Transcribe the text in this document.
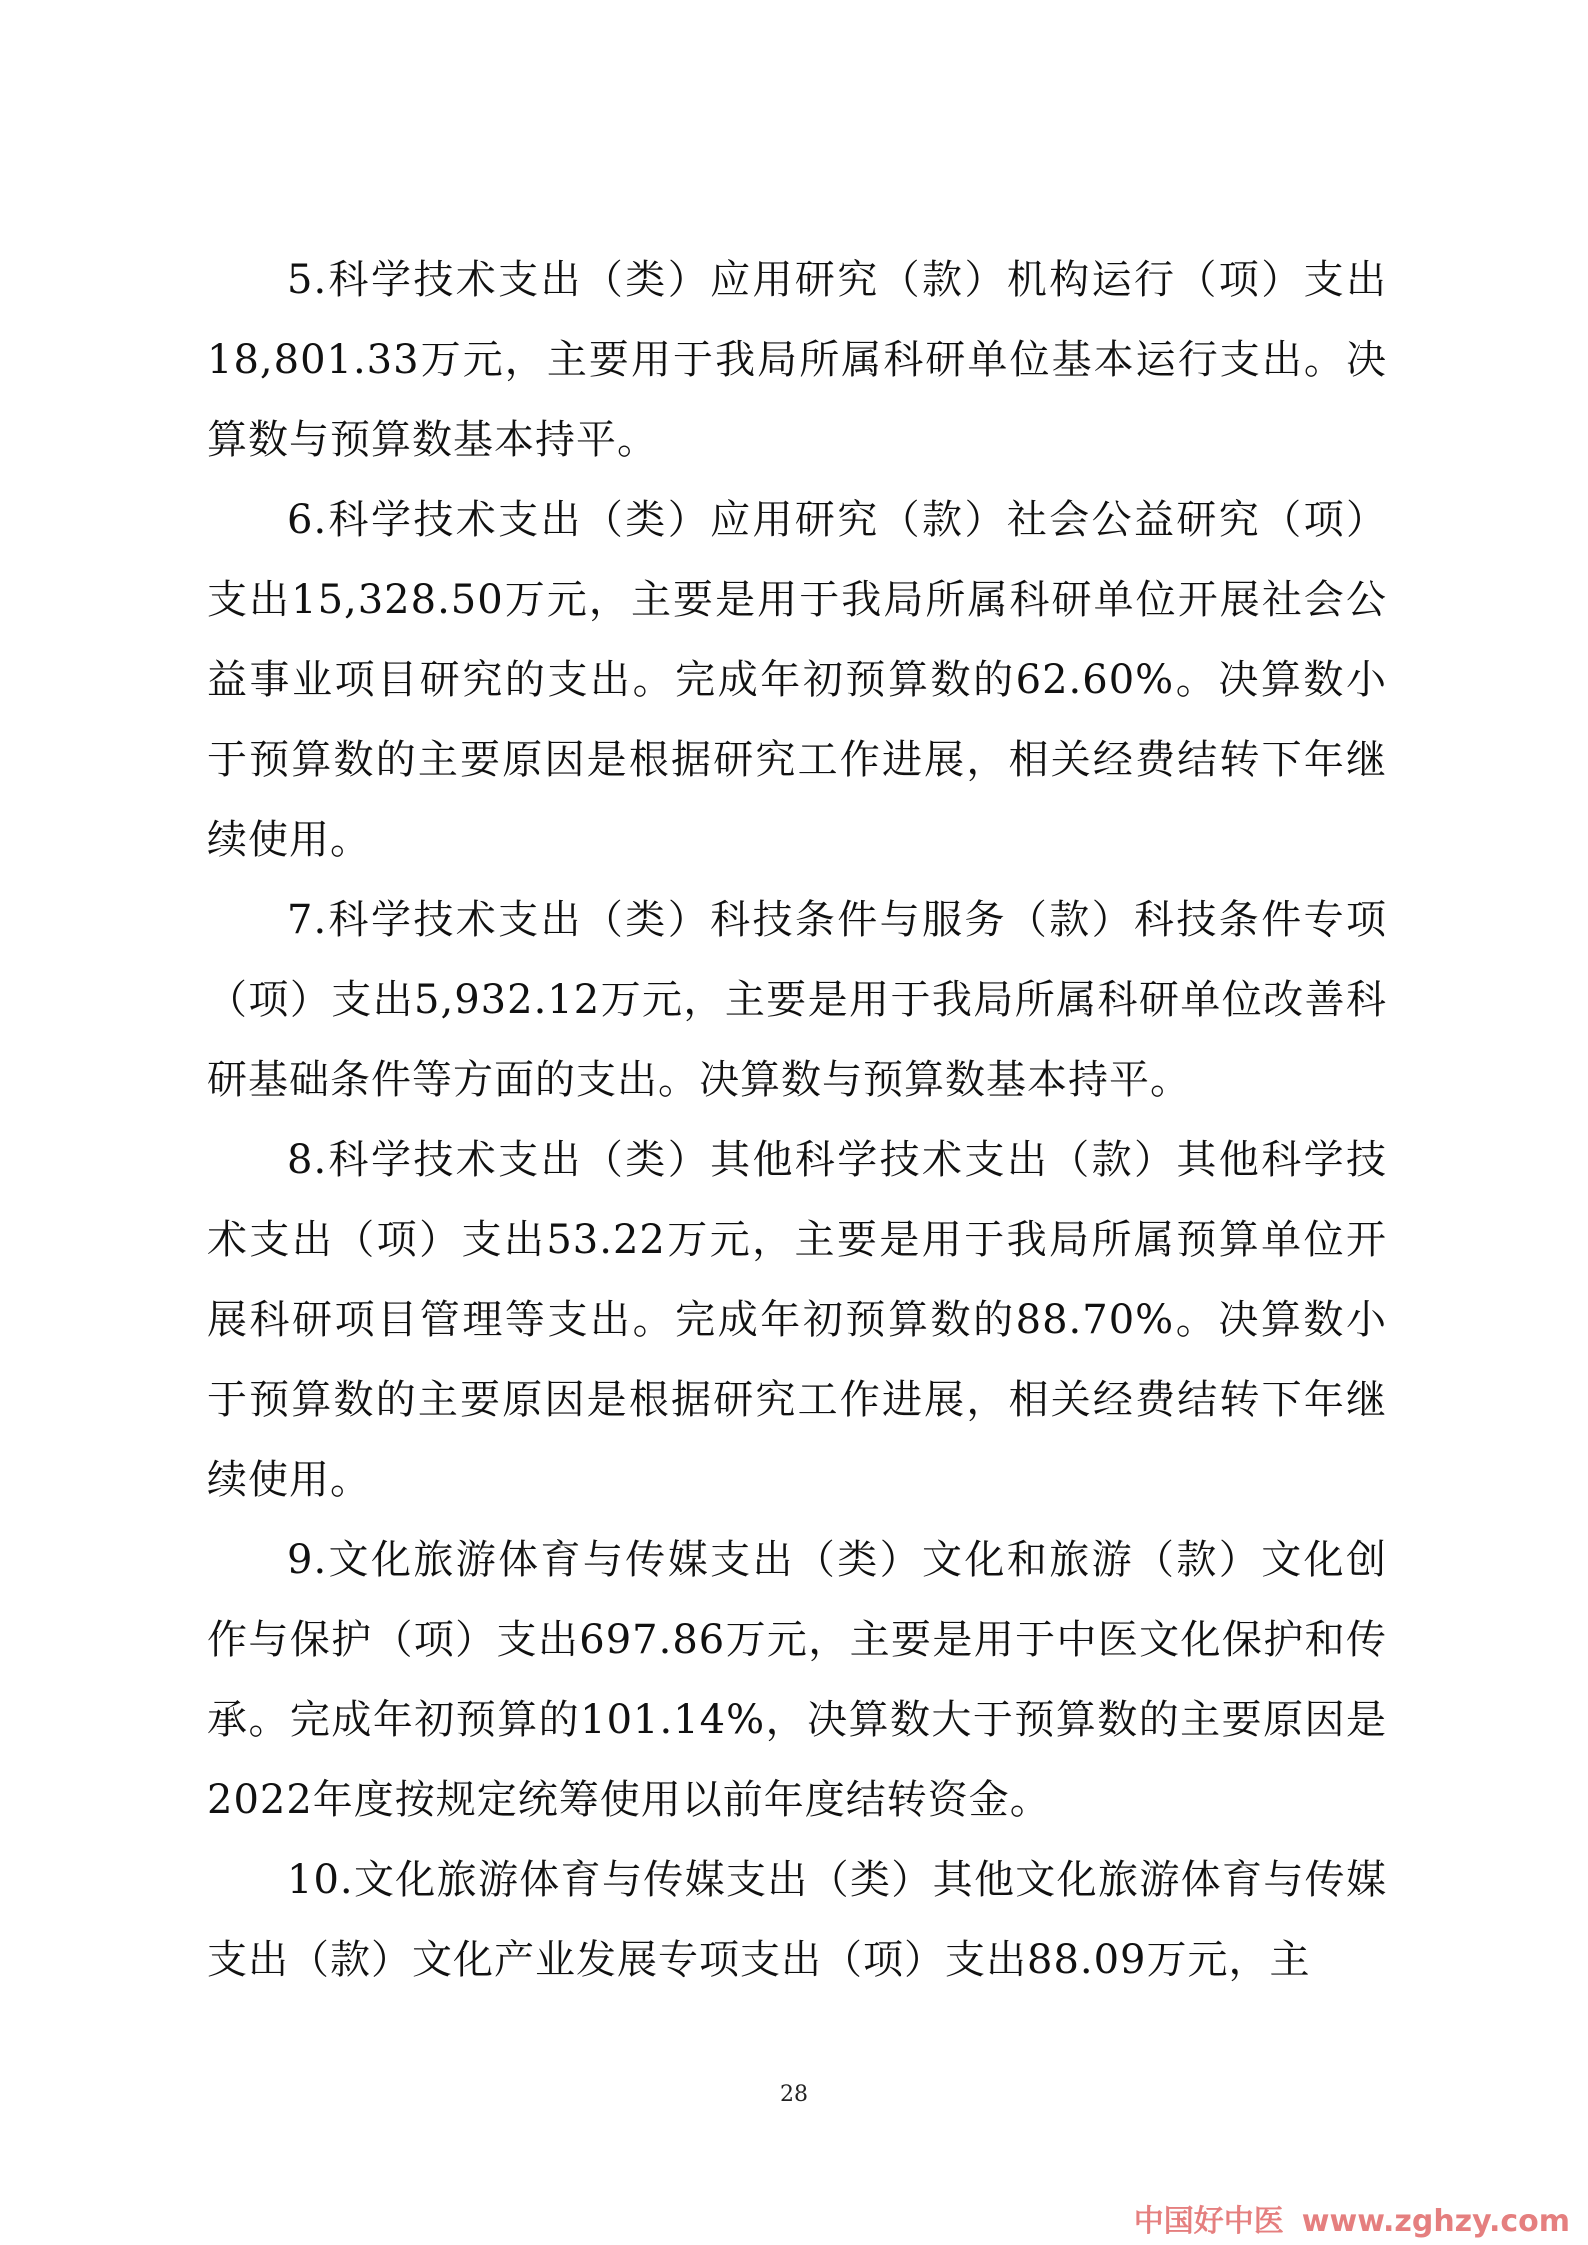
5.科学技术支出（类）应用研究（款）机构运行（项）支出18,801.33万元，主要用于我局所属科研单位基本运行支出。决算数与预算数基本持平。

6.科学技术支出（类）应用研究（款）社会公益研究（项）支出15,328.50万元，主要是用于我局所属科研单位开展社会公益事业项目研究的支出。完成年初预算数的62.60%。决算数小于预算数的主要原因是根据研究工作进展，相关经费结转下年继续使用。

7.科学技术支出（类）科技条件与服务（款）科技条件专项（项）支出5,932.12万元，主要是用于我局所属科研单位改善科研基础条件等方面的支出。决算数与预算数基本持平。

8.科学技术支出（类）其他科学技术支出（款）其他科学技术支出（项）支出53.22万元，主要是用于我局所属预算单位开展科研项目管理等支出。完成年初预算数的88.70%。决算数小于预算数的主要原因是根据研究工作进展，相关经费结转下年继续使用。

9.文化旅游体育与传媒支出（类）文化和旅游（款）文化创作与保护（项）支出697.86万元，主要是用于中医文化保护和传承。完成年初预算的101.14%，决算数大于预算数的主要原因是2022年度按规定统筹使用以前年度结转资金。

10.文化旅游体育与传媒支出（类）其他文化旅游体育与传媒支出（款）文化产业发展专项支出（项）支出88.09万元，主

28
中国好中医 www.zghzy.com
